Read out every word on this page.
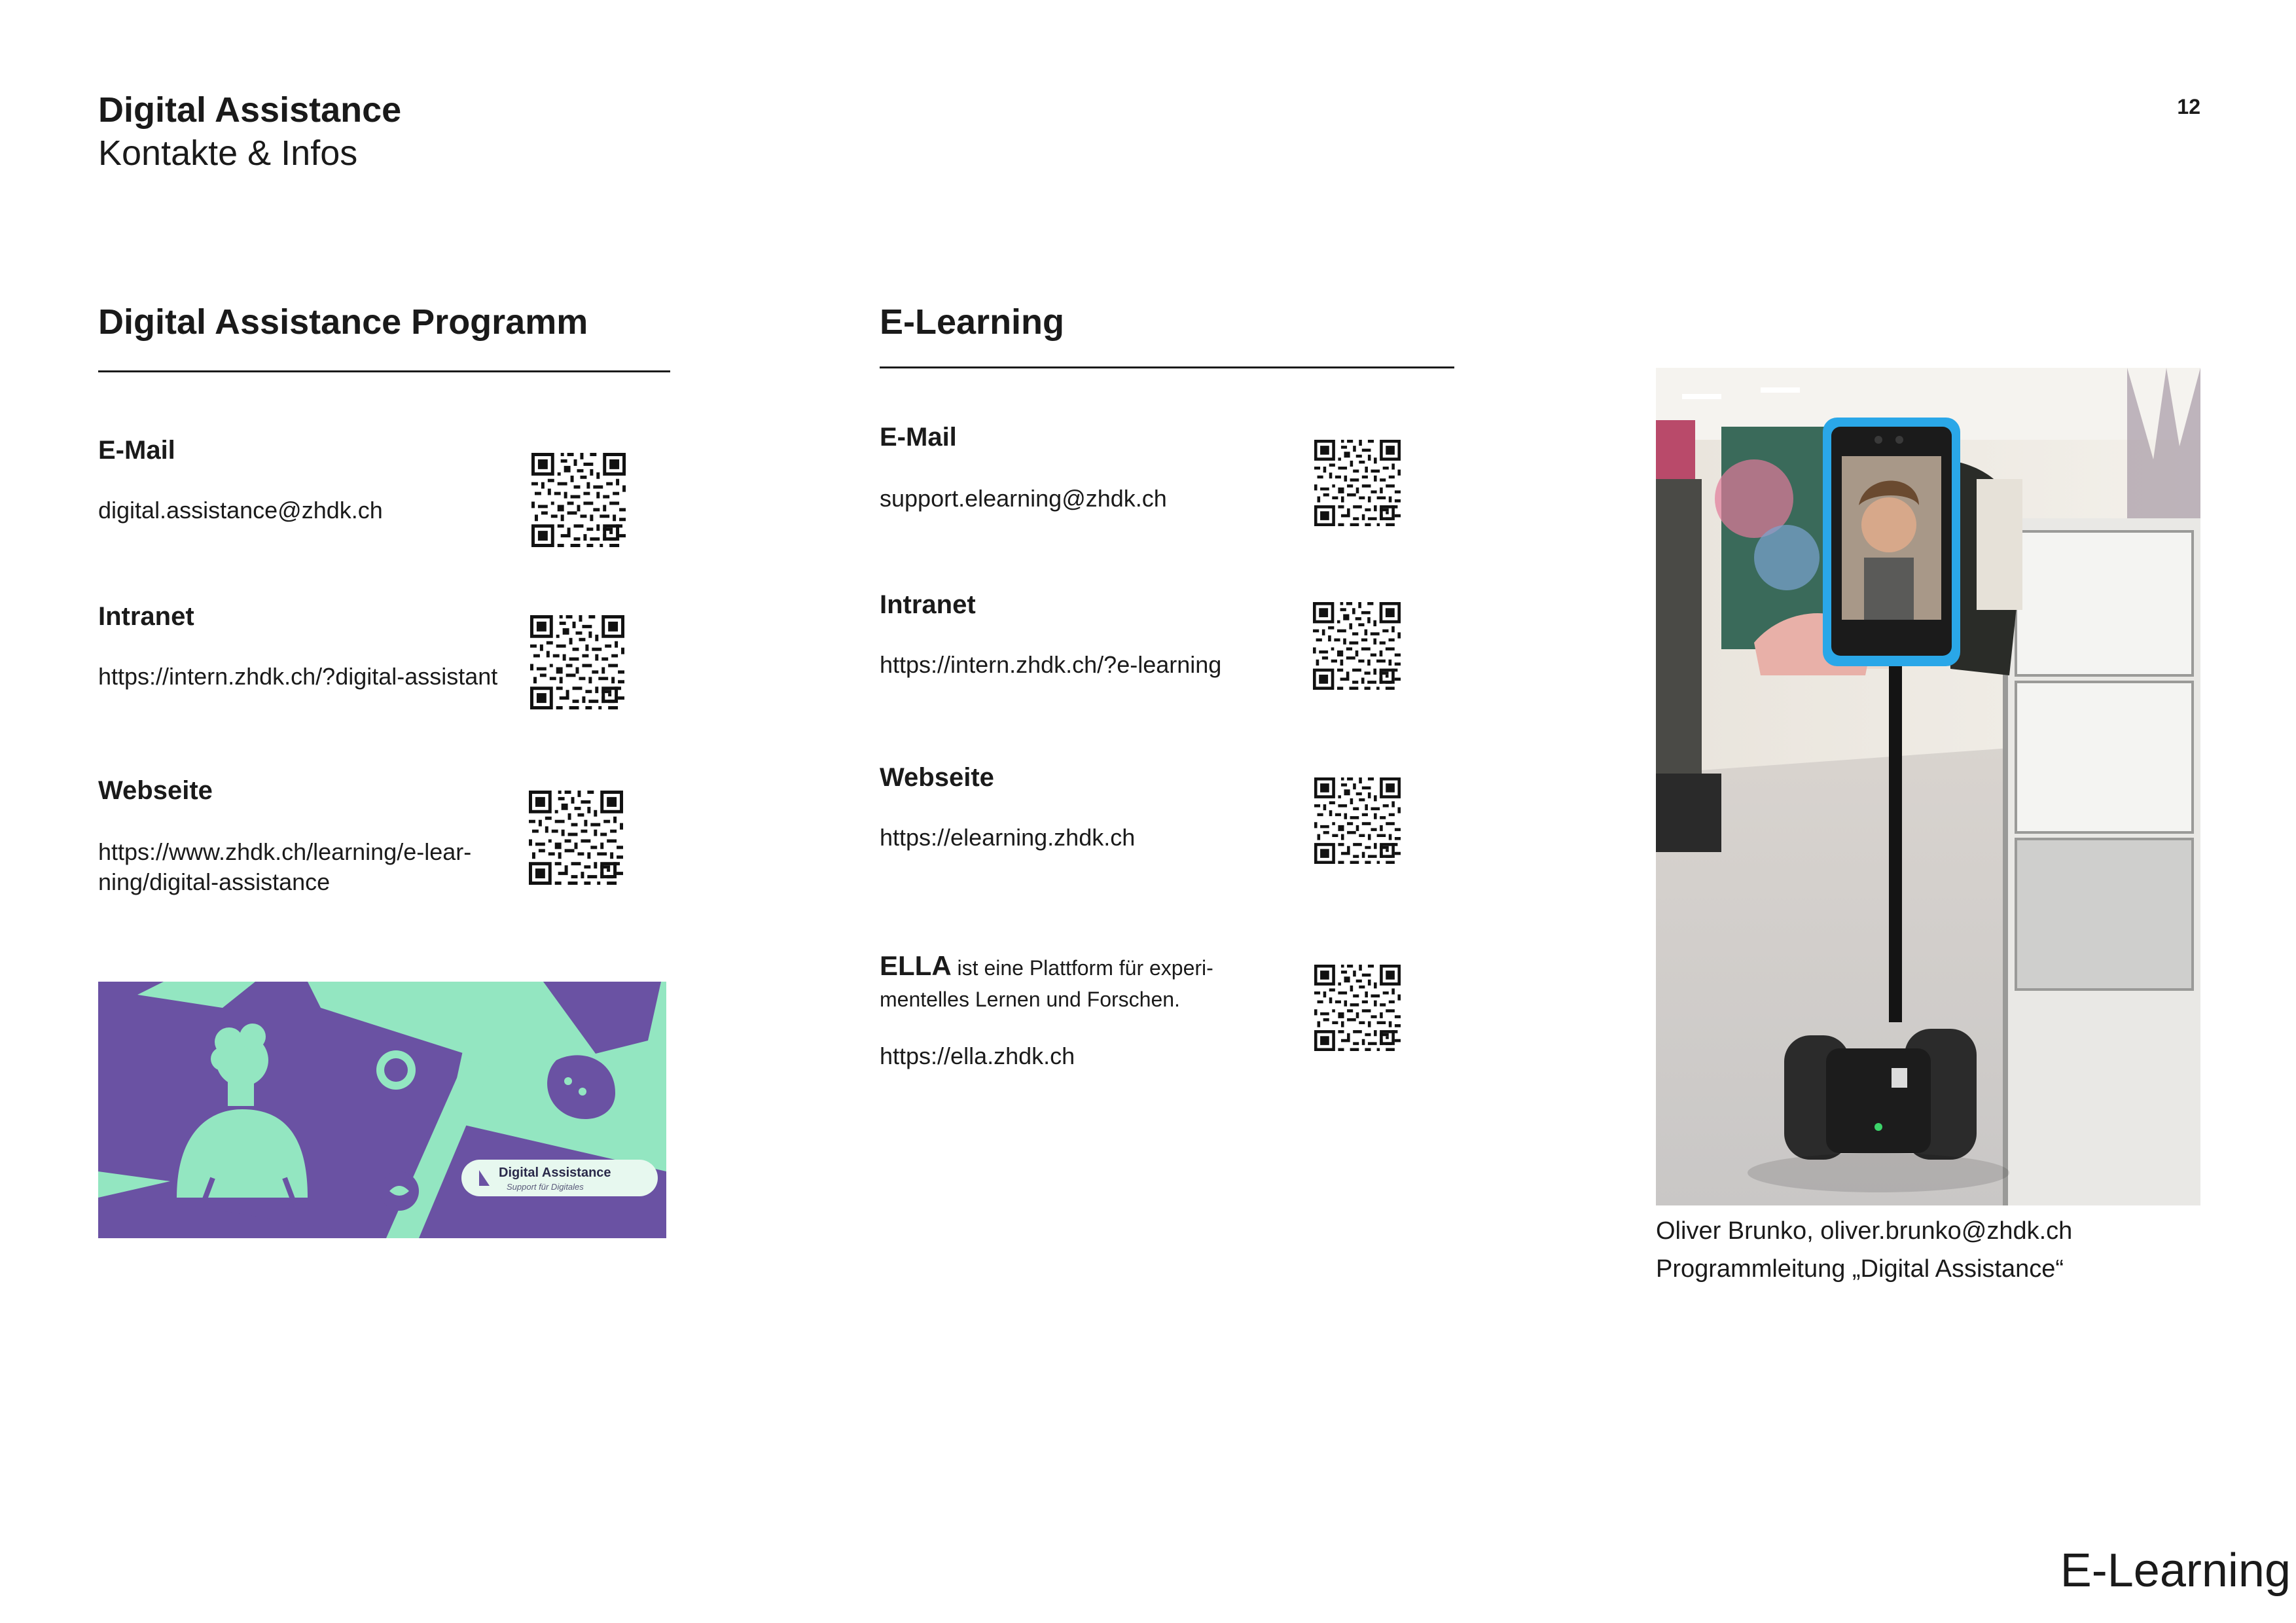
Digital Assistance
Kontakte & Infos
12
Digital Assistance Programm
E-Mail
digital.assistance@zhdk.ch
Intranet
https://intern.zhdk.ch/?digital-assistant
Webseite
https://www.zhdk.ch/learning/e-lear-
ning/digital-assistance
Digital Assistance
Support für Digitales
E-Learning
E-Mail
support.elearning@zhdk.ch
Intranet
https://intern.zhdk.ch/?e-learning
Webseite
https://elearning.zhdk.ch
ELLA ist eine Plattform für experi-
mentelles Lernen und Forschen.
https://ella.zhdk.ch
Oliver Brunko, oliver.brunko@zhdk.ch
Programmleitung „Digital Assistance“
E-Learning
